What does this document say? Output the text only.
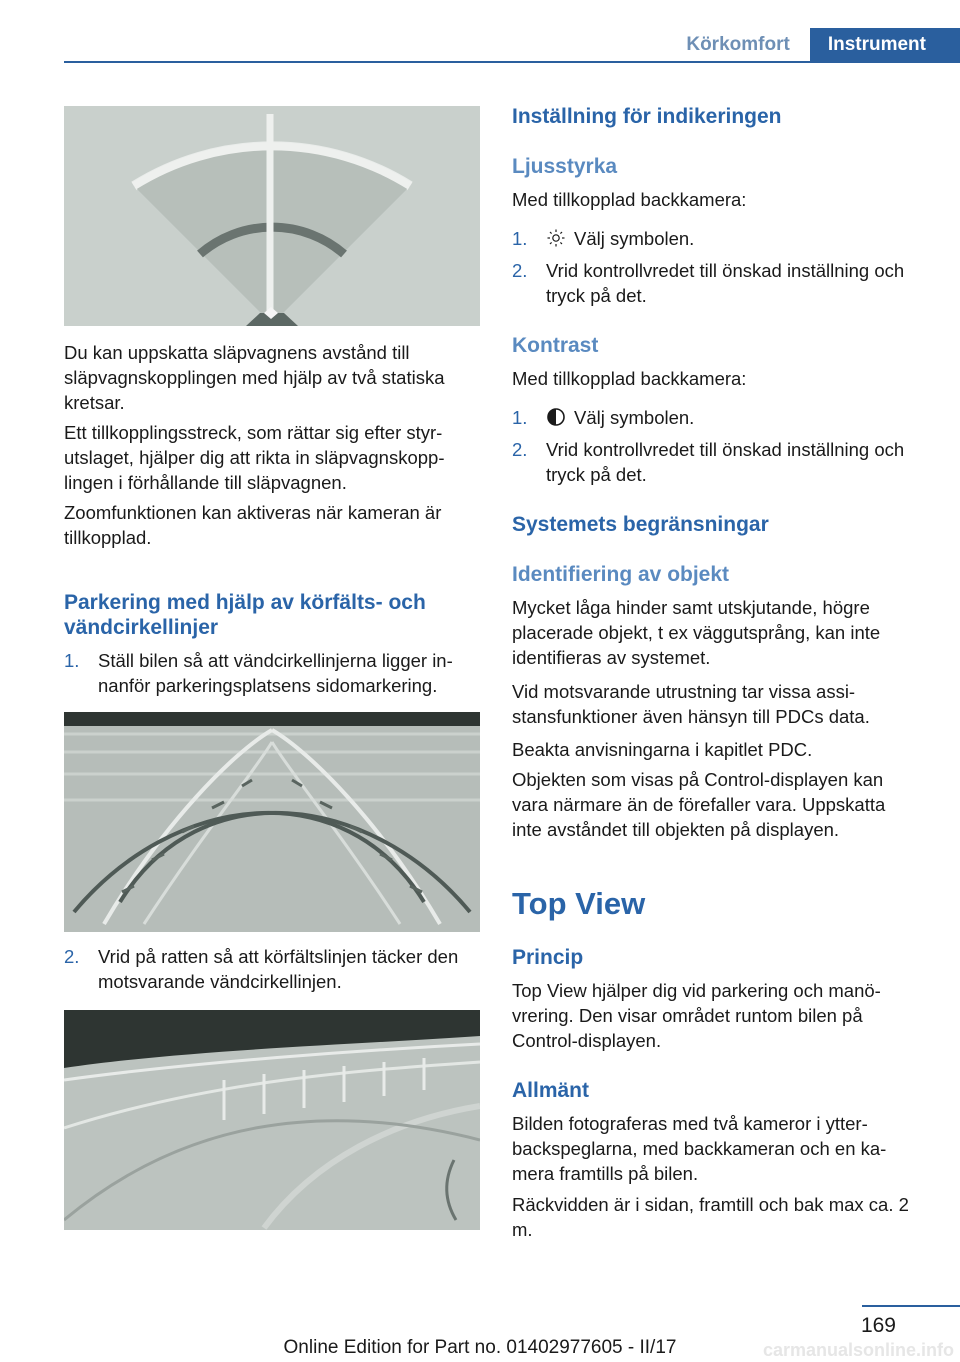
Körkomfort	Instrument

Du kan uppskatta släpvagnens avstånd till släpvagnskopplingen med hjälp av två statiska kretsar.

Ett tillkopplingsstreck, som rättar sig efter styr-utslaget, hjälper dig att rikta in släpvagnskopp-lingen i förhållande till släpvagnen.

Zoomfunktionen kan aktiveras när kameran är tillkopplad.

Parkering med hjälp av körfälts- och vändcirkellinjer
1. Ställ bilen så att vändcirkellinjerna ligger in-nanför parkeringsplatsens sidomarkering.
2. Vrid på ratten så att körfältslinjen täcker den motsvarande vändcirkellinjen.
Inställning för indikeringen
Ljusstyrka

Med tillkopplad backkamera:

1.	Välj symbolen.
2. Vrid kontrollvredet till önskad inställning och tryck på det.
Kontrast

Med tillkopplad backkamera:

1.	Välj symbolen.
2. Vrid kontrollvredet till önskad inställning och tryck på det.
Systemets begränsningar
Identifiering av objekt

Mycket låga hinder samt utskjutande, högre placerade objekt, t ex väggutsprång, kan inte identifieras av systemet.

Vid motsvarande utrustning tar vissa assi-stansfunktioner även hänsyn till PDCs data.

Beakta anvisningarna i kapitlet PDC.

Objekten som visas på Control-displayen kan vara närmare än de förefaller vara. Uppskatta inte avståndet till objekten på displayen.

Top View
Princip

Top View hjälper dig vid parkering och manö-vrering. Den visar området runtom bilen på Control-displayen.

Allmänt

Bilden fotograferas med två kameror i ytter-backspeglarna, med backkameran och en ka-mera framtills på bilen.

Räckvidden är i sidan, framtill och bak max ca. 2 m.

169
Online Edition for Part no. 01402977605 - II/17	carmanualsonline.info
